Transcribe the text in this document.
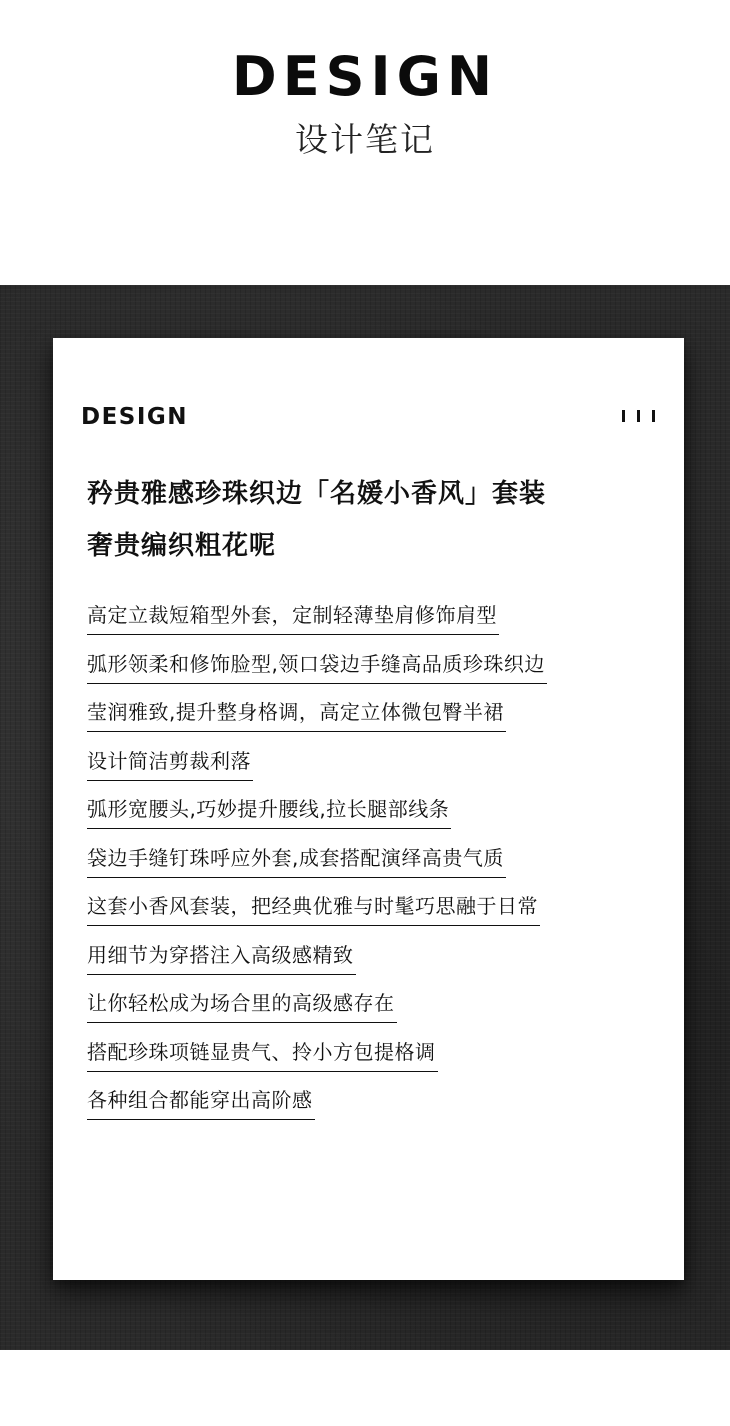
DESIGN
设计笔记
DESIGN
矜贵雅感珍珠织边「名媛小香风」套装
奢贵编织粗花呢
高定立裁短箱型外套，定制轻薄垫肩修饰肩型
弧形领柔和修饰脸型,领口袋边手缝高品质珍珠织边
莹润雅致,提升整身格调，高定立体微包臀半裙
设计简洁剪裁利落
弧形宽腰头,巧妙提升腰线,拉长腿部线条
袋边手缝钉珠呼应外套,成套搭配演绎高贵气质
这套小香风套装，把经典优雅与时髦巧思融于日常
用细节为穿搭注入高级感精致
让你轻松成为场合里的高级感存在
搭配珍珠项链显贵气、拎小方包提格调
各种组合都能穿出高阶感
